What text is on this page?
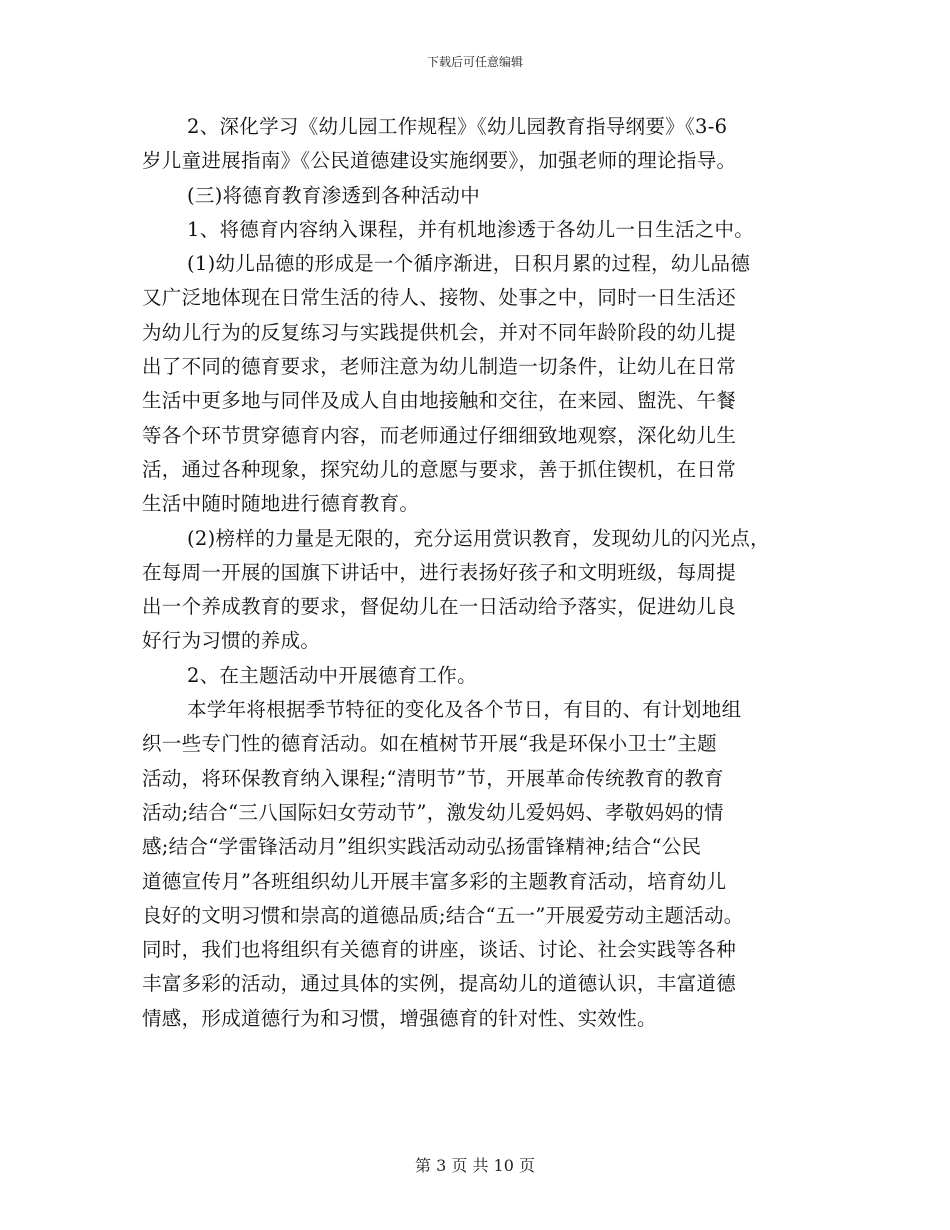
下载后可任意编辑
2、深化学习《幼儿园工作规程》《幼儿园教育指导纲要》《3-6
岁儿童进展指南》《公民道德建设实施纲要》，加强老师的理论指导。
(三)将德育教育渗透到各种活动中
1、将德育内容纳入课程，并有机地渗透于各幼儿一日生活之中。
(1)幼儿品德的形成是一个循序渐进，日积月累的过程，幼儿品德
又广泛地体现在日常生活的待人、接物、处事之中，同时一日生活还
为幼儿行为的反复练习与实践提供机会，并对不同年龄阶段的幼儿提
出了不同的德育要求，老师注意为幼儿制造一切条件，让幼儿在日常
生活中更多地与同伴及成人自由地接触和交往，在来园、盥洗、午餐
等各个环节贯穿德育内容，而老师通过仔细细致地观察，深化幼儿生
活，通过各种现象，探究幼儿的意愿与要求，善于抓住锲机，在日常
生活中随时随地进行德育教育。
(2)榜样的力量是无限的，充分运用赏识教育，发现幼儿的闪光点，
在每周一开展的国旗下讲话中，进行表扬好孩子和文明班级，每周提
出一个养成教育的要求，督促幼儿在一日活动给予落实，促进幼儿良
好行为习惯的养成。
2、在主题活动中开展德育工作。
本学年将根据季节特征的变化及各个节日，有目的、有计划地组
织一些专门性的德育活动。如在植树节开展“我是环保小卫士”主题
活动，将环保教育纳入课程;“清明节”节，开展革命传统教育的教育
活动;结合“三八国际妇女劳动节”，激发幼儿爱妈妈、孝敬妈妈的情
感;结合“学雷锋活动月”组织实践活动动弘扬雷锋精神;结合“公民
道德宣传月”各班组织幼儿开展丰富多彩的主题教育活动，培育幼儿
良好的文明习惯和崇高的道德品质;结合“五一”开展爱劳动主题活动。
同时，我们也将组织有关德育的讲座，谈话、讨论、社会实践等各种
丰富多彩的活动，通过具体的实例，提高幼儿的道德认识，丰富道德
情感，形成道德行为和习惯，增强德育的针对性、实效性。
第 3 页 共 10 页
